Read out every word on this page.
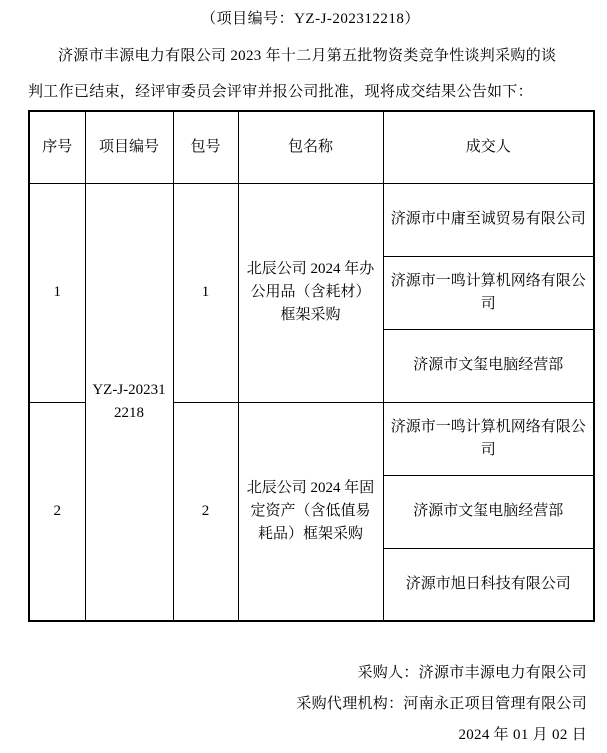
（项目编号：YZ-J-202312218）

济源市丰源电力有限公司 2023 年十二月第五批物资类竞争性谈判采购的谈判工作已结束，经评审委员会评审并报公司批准，现将成交结果公告如下：

序号	项目编号	包号	包名称	成交人
1	YZ-J-202312218	1	北辰公司 2024 年办公用品（含耗材）框架采购	济源市中庸至诚贸易有限公司
				济源市一鸣计算机网络有限公司
				济源市文玺电脑经营部
2		2	北辰公司 2024 年固定资产（含低值易耗品）框架采购	济源市一鸣计算机网络有限公司
				济源市文玺电脑经营部
				济源市旭日科技有限公司
采购人：济源市丰源电力有限公司
采购代理机构：河南永正项目管理有限公司
2024 年 01 月 02 日
